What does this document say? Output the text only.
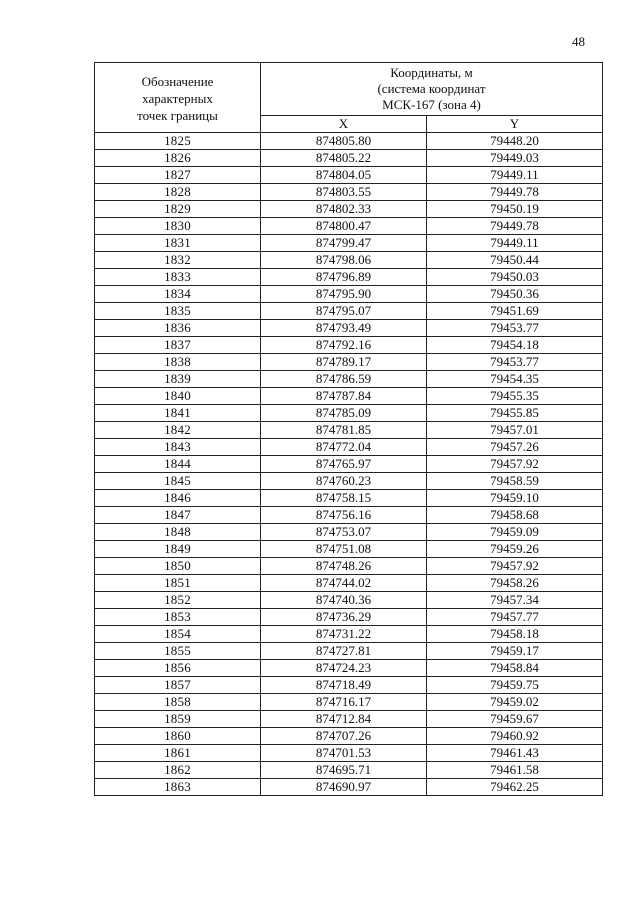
48
Обозначение
характерных
точек границы	Координаты, м
(система координат
МСК-167 (зона 4)	

	X	Y
1825	874805.80	79448.20
1826	874805.22	79449.03
1827	874804.05	79449.11
1828	874803.55	79449.78
1829	874802.33	79450.19
1830	874800.47	79449.78
1831	874799.47	79449.11
1832	874798.06	79450.44
1833	874796.89	79450.03
1834	874795.90	79450.36
1835	874795.07	79451.69
1836	874793.49	79453.77
1837	874792.16	79454.18
1838	874789.17	79453.77
1839	874786.59	79454.35
1840	874787.84	79455.35
1841	874785.09	79455.85
1842	874781.85	79457.01
1843	874772.04	79457.26
1844	874765.97	79457.92
1845	874760.23	79458.59
1846	874758.15	79459.10
1847	874756.16	79458.68
1848	874753.07	79459.09
1849	874751.08	79459.26
1850	874748.26	79457.92
1851	874744.02	79458.26
1852	874740.36	79457.34
1853	874736.29	79457.77
1854	874731.22	79458.18
1855	874727.81	79459.17
1856	874724.23	79458.84
1857	874718.49	79459.75
1858	874716.17	79459.02
1859	874712.84	79459.67
1860	874707.26	79460.92
1861	874701.53	79461.43
1862	874695.71	79461.58
1863	874690.97	79462.25
